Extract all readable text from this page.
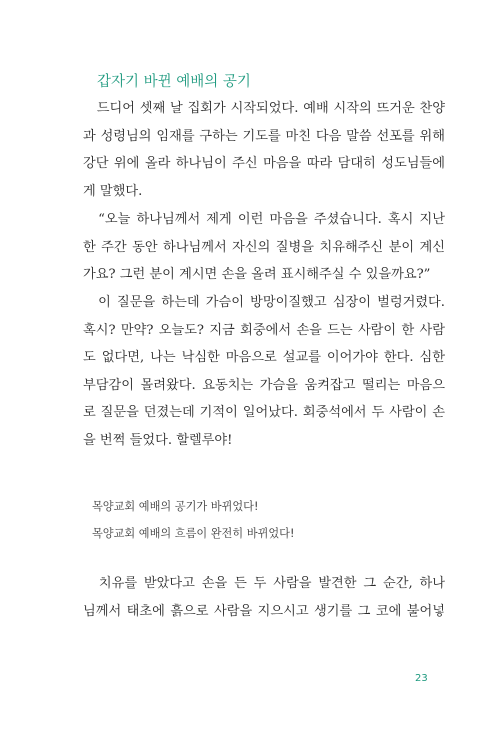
갑자기 바뀐 예배의 공기
　드디어 셋째 날 집회가 시작되었다. 예배 시작의 뜨거운 찬양
과 성령님의 임재를 구하는 기도를 마친 다음 말씀 선포를 위해
강단 위에 올라 하나님이 주신 마음을 따라 담대히 성도님들에
게 말했다.
　“오늘 하나님께서 제게 이런 마음을 주셨습니다. 혹시 지난
한 주간 동안 하나님께서 자신의 질병을 치유해주신 분이 계신
가요? 그런 분이 계시면 손을 올려 표시해주실 수 있을까요?”
　이 질문을 하는데 가슴이 방망이질했고 심장이 벌렁거렸다.
혹시? 만약? 오늘도? 지금 회중에서 손을 드는 사람이 한 사람
도 없다면, 나는 낙심한 마음으로 설교를 이어가야 한다. 심한
부담감이 몰려왔다. 요동치는 가슴을 움켜잡고 떨리는 마음으
로 질문을 던졌는데 기적이 일어났다. 회중석에서 두 사람이 손
을 번쩍 들었다. 할렐루야!
목양교회 예배의 공기가 바뀌었다!
목양교회 예배의 흐름이 완전히 바뀌었다!
　치유를 받았다고 손을 든 두 사람을 발견한 그 순간, 하나
님께서 태초에 흙으로 사람을 지으시고 생기를 그 코에 불어넣
23
